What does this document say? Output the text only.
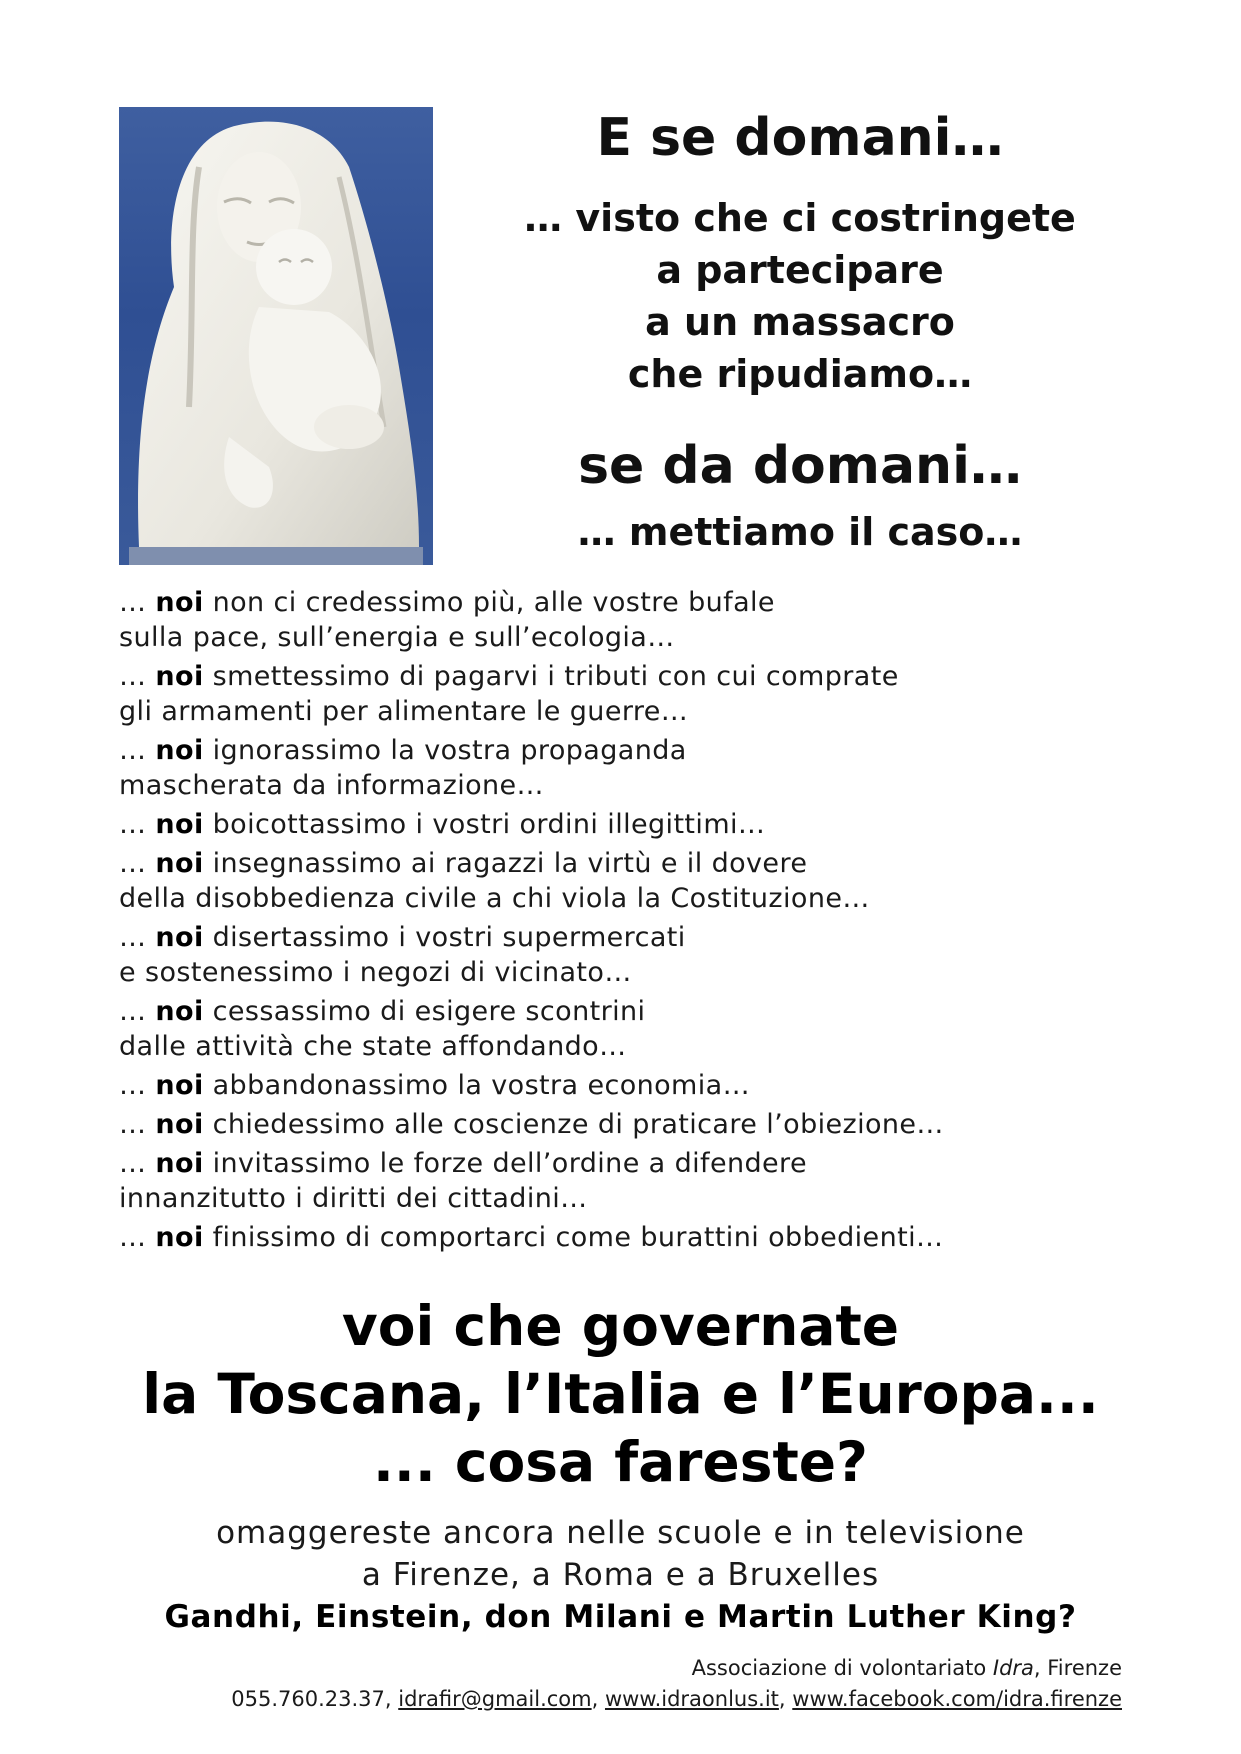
E se domani…
… visto che ci costringete
a partecipare
a un massacro
che ripudiamo…
se da domani…
… mettiamo il caso…
… noi non ci credessimo più, alle vostre bufale
sulla pace, sull’energia e sull’ecologia…
… noi smettessimo di pagarvi i tributi con cui comprate
gli armamenti per alimentare le guerre…
… noi ignorassimo la vostra propaganda
mascherata da informazione…
… noi boicottassimo i vostri ordini illegittimi…
… noi insegnassimo ai ragazzi la virtù e il dovere
della disobbedienza civile a chi viola la Costituzione…
… noi disertassimo i vostri supermercati
e sostenessimo i negozi di vicinato…
… noi cessassimo di esigere scontrini
dalle attività che state affondando…
… noi abbandonassimo la vostra economia…
… noi chiedessimo alle coscienze di praticare l’obiezione…
… noi invitassimo le forze dell’ordine a difendere
innanzitutto i diritti dei cittadini…
… noi finissimo di comportarci come burattini obbedienti…
voi che governate
la Toscana, l’Italia e l’Europa...
... cosa fareste?
omaggereste ancora nelle scuole e in televisione
a Firenze, a Roma e a Bruxelles
Gandhi, Einstein, don Milani e Martin Luther King?
Associazione di volontariato Idra, Firenze
055.760.23.37, idrafir@gmail.com, www.idraonlus.it, www.facebook.com/idra.firenze
